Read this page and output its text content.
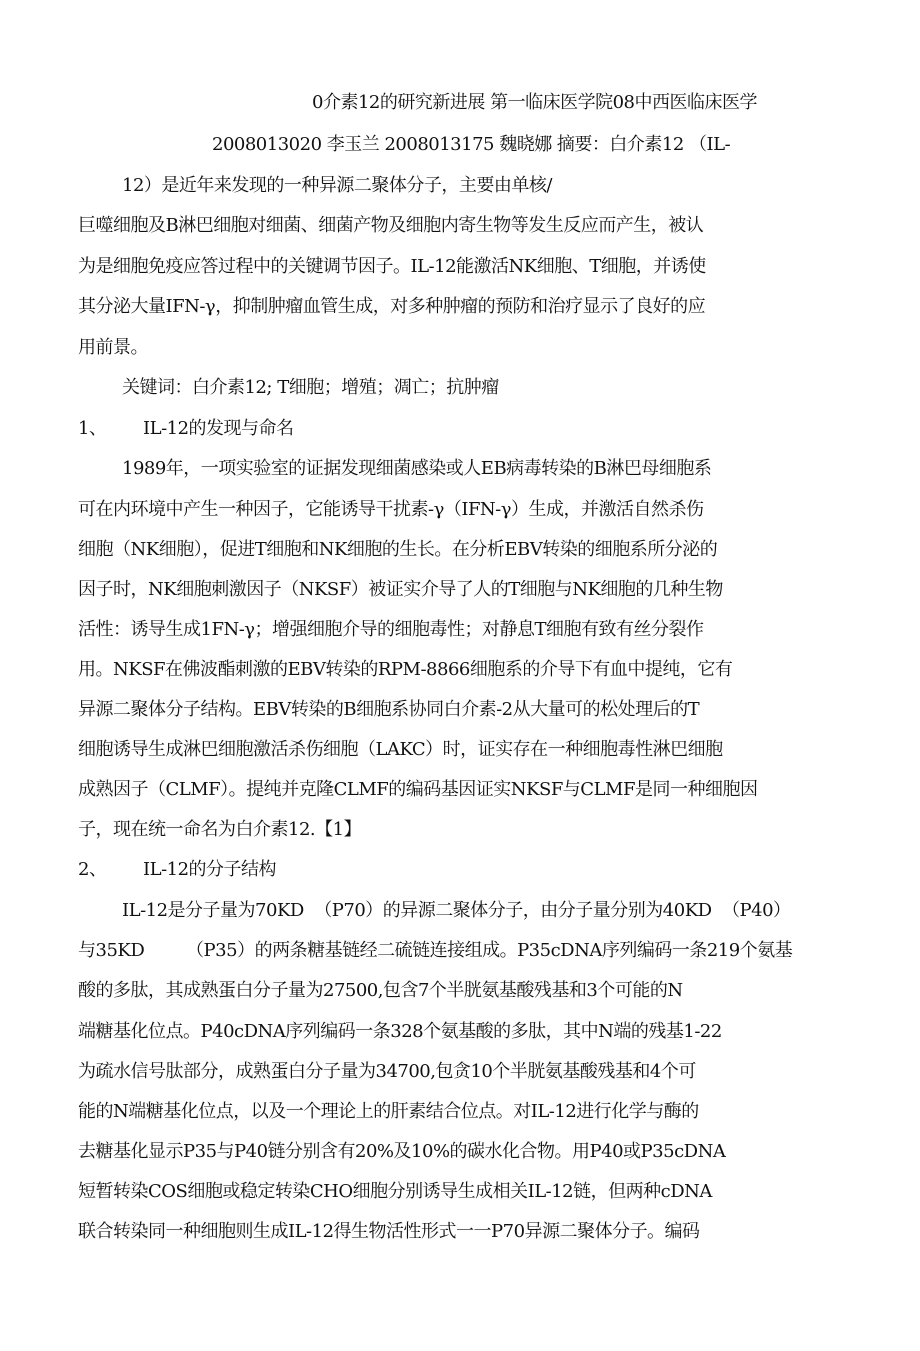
0介素12的研究新进展 第一临床医学院08中西医临床医学
2008013020 李玉兰 2008013175 魏晓娜 摘要：白介素12 （IL-
12）是近年来发现的一种异源二聚体分子，主要由单核/
巨噬细胞及B淋巴细胞对细菌、细菌产物及细胞内寄生物等发生反应而产生，被认
为是细胞免疫应答过程中的关键调节因子。IL-12能激活NK细胞、T细胞，并诱使
其分泌大量IFN-γ，抑制肿瘤血管生成，对多种肿瘤的预防和治疗显示了良好的应
用前景。
关键词：白介素12; T细胞；增殖；凋亡；抗肿瘤
1、       IL-12的发现与命名
1989年，一项实验室的证据发现细菌感染或人EB病毒转染的B淋巴母细胞系
可在内环境中产生一种因子，它能诱导干扰素-γ（IFN-γ）生成，并激活自然杀伤
细胞（NK细胞），促进T细胞和NK细胞的生长。在分析EBV转染的细胞系所分泌的
因子时，NK细胞刺激因子（NKSF）被证实介导了人的T细胞与NK细胞的几种生物
活性：诱导生成1FN-γ；增强细胞介导的细胞毒性；对静息T细胞有致有丝分裂作
用。NKSF在佛波酯刺激的EBV转染的RPM-8866细胞系的介导下有血中提纯，它有
异源二聚体分子结构。EBV转染的B细胞系协同白介素-2从大量可的松处理后的T
细胞诱导生成淋巴细胞激活杀伤细胞（LAKC）时，证实存在一种细胞毒性淋巴细胞
成熟因子（CLMF）。提纯并克隆CLMF的编码基因证实NKSF与CLMF是同一种细胞因
子，现在统一命名为白介素12.【1】
2、       IL-12的分子结构
IL-12是分子量为70KD  （P70）的异源二聚体分子，由分子量分别为40KD  （P40）
与35KD        （P35）的两条糖基链经二硫链连接组成。P35cDNA序列编码一条219个氨基
酸的多肽，其成熟蛋白分子量为27500,包含7个半胱氨基酸残基和3个可能的N
端糖基化位点。P40cDNA序列编码一条328个氨基酸的多肽，其中N端的残基1-22
为疏水信号肽部分，成熟蛋白分子量为34700,包贪10个半胱氨基酸残基和4个可
能的N端糖基化位点，以及一个理论上的肝素结合位点。对IL-12进行化学与酶的
去糖基化显示P35与P40链分别含有20%及10%的碳水化合物。用P40或P35cDNA
短暂转染COS细胞或稳定转染CHO细胞分别诱导生成相关IL-12链，但两种cDNA
联合转染同一种细胞则生成IL-12得生物活性形式一一P70异源二聚体分子。编码
